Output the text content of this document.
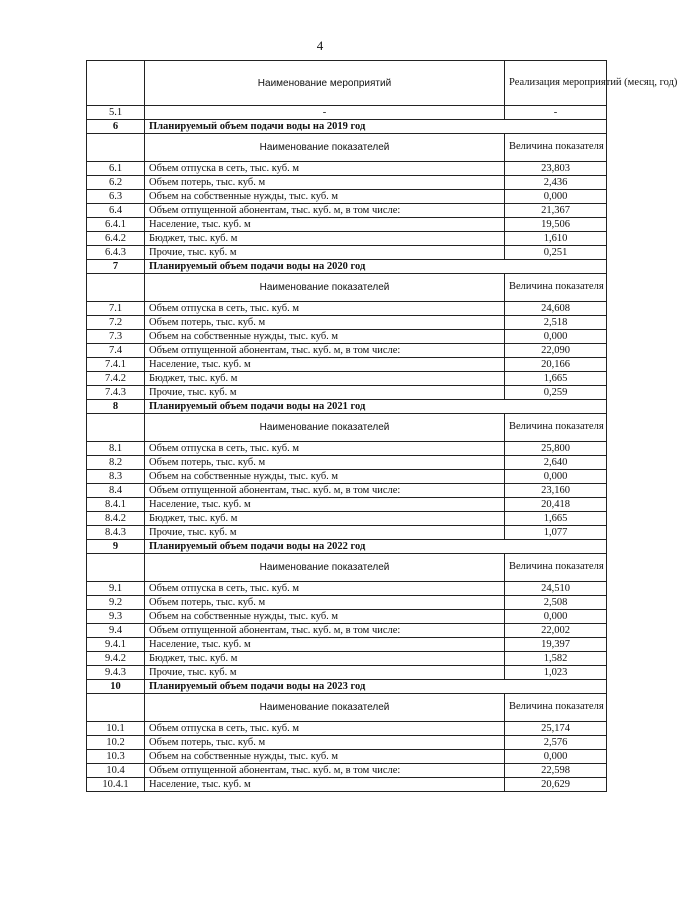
4
	Наименование мероприятий	Реализация мероприятий (месяц, год)
5.1	-	-
6	Планируемый объем подачи воды на 2019 год	
	Наименование показателей	Величина показателя
6.1	Объем отпуска в сеть, тыс. куб. м	23,803
6.2	Объем потерь, тыс. куб. м	2,436
6.3	Объем на собственные нужды, тыс. куб. м	0,000
6.4	Объем отпущенной абонентам, тыс. куб. м, в том числе:	21,367
6.4.1	Население, тыс. куб. м	19,506
6.4.2	Бюджет, тыс. куб. м	1,610
6.4.3	Прочие, тыс. куб. м	0,251
7	Планируемый объем подачи воды на 2020 год	
	Наименование показателей	Величина показателя
7.1	Объем отпуска в сеть, тыс. куб. м	24,608
7.2	Объем потерь, тыс. куб. м	2,518
7.3	Объем на собственные нужды, тыс. куб. м	0,000
7.4	Объем отпущенной абонентам, тыс. куб. м, в том числе:	22,090
7.4.1	Население, тыс. куб. м	20,166
7.4.2	Бюджет, тыс. куб. м	1,665
7.4.3	Прочие, тыс. куб. м	0,259
8	Планируемый объем подачи воды на 2021 год	
	Наименование показателей	Величина показателя
8.1	Объем отпуска в сеть, тыс. куб. м	25,800
8.2	Объем потерь, тыс. куб. м	2,640
8.3	Объем на собственные нужды, тыс. куб. м	0,000
8.4	Объем отпущенной абонентам, тыс. куб. м, в том числе:	23,160
8.4.1	Население, тыс. куб. м	20,418
8.4.2	Бюджет, тыс. куб. м	1,665
8.4.3	Прочие, тыс. куб. м	1,077
9	Планируемый объем подачи воды на 2022 год	
	Наименование показателей	Величина показателя
9.1	Объем отпуска в сеть, тыс. куб. м	24,510
9.2	Объем потерь, тыс. куб. м	2,508
9.3	Объем на собственные нужды, тыс. куб. м	0,000
9.4	Объем отпущенной абонентам, тыс. куб. м, в том числе:	22,002
9.4.1	Население, тыс. куб. м	19,397
9.4.2	Бюджет, тыс. куб. м	1,582
9.4.3	Прочие, тыс. куб. м	1,023
10	Планируемый объем подачи воды на 2023 год	
	Наименование показателей	Величина показателя
10.1	Объем отпуска в сеть, тыс. куб. м	25,174
10.2	Объем потерь, тыс. куб. м	2,576
10.3	Объем на собственные нужды, тыс. куб. м	0,000
10.4	Объем отпущенной абонентам, тыс. куб. м, в том числе:	22,598
10.4.1	Население, тыс. куб. м	20,629
